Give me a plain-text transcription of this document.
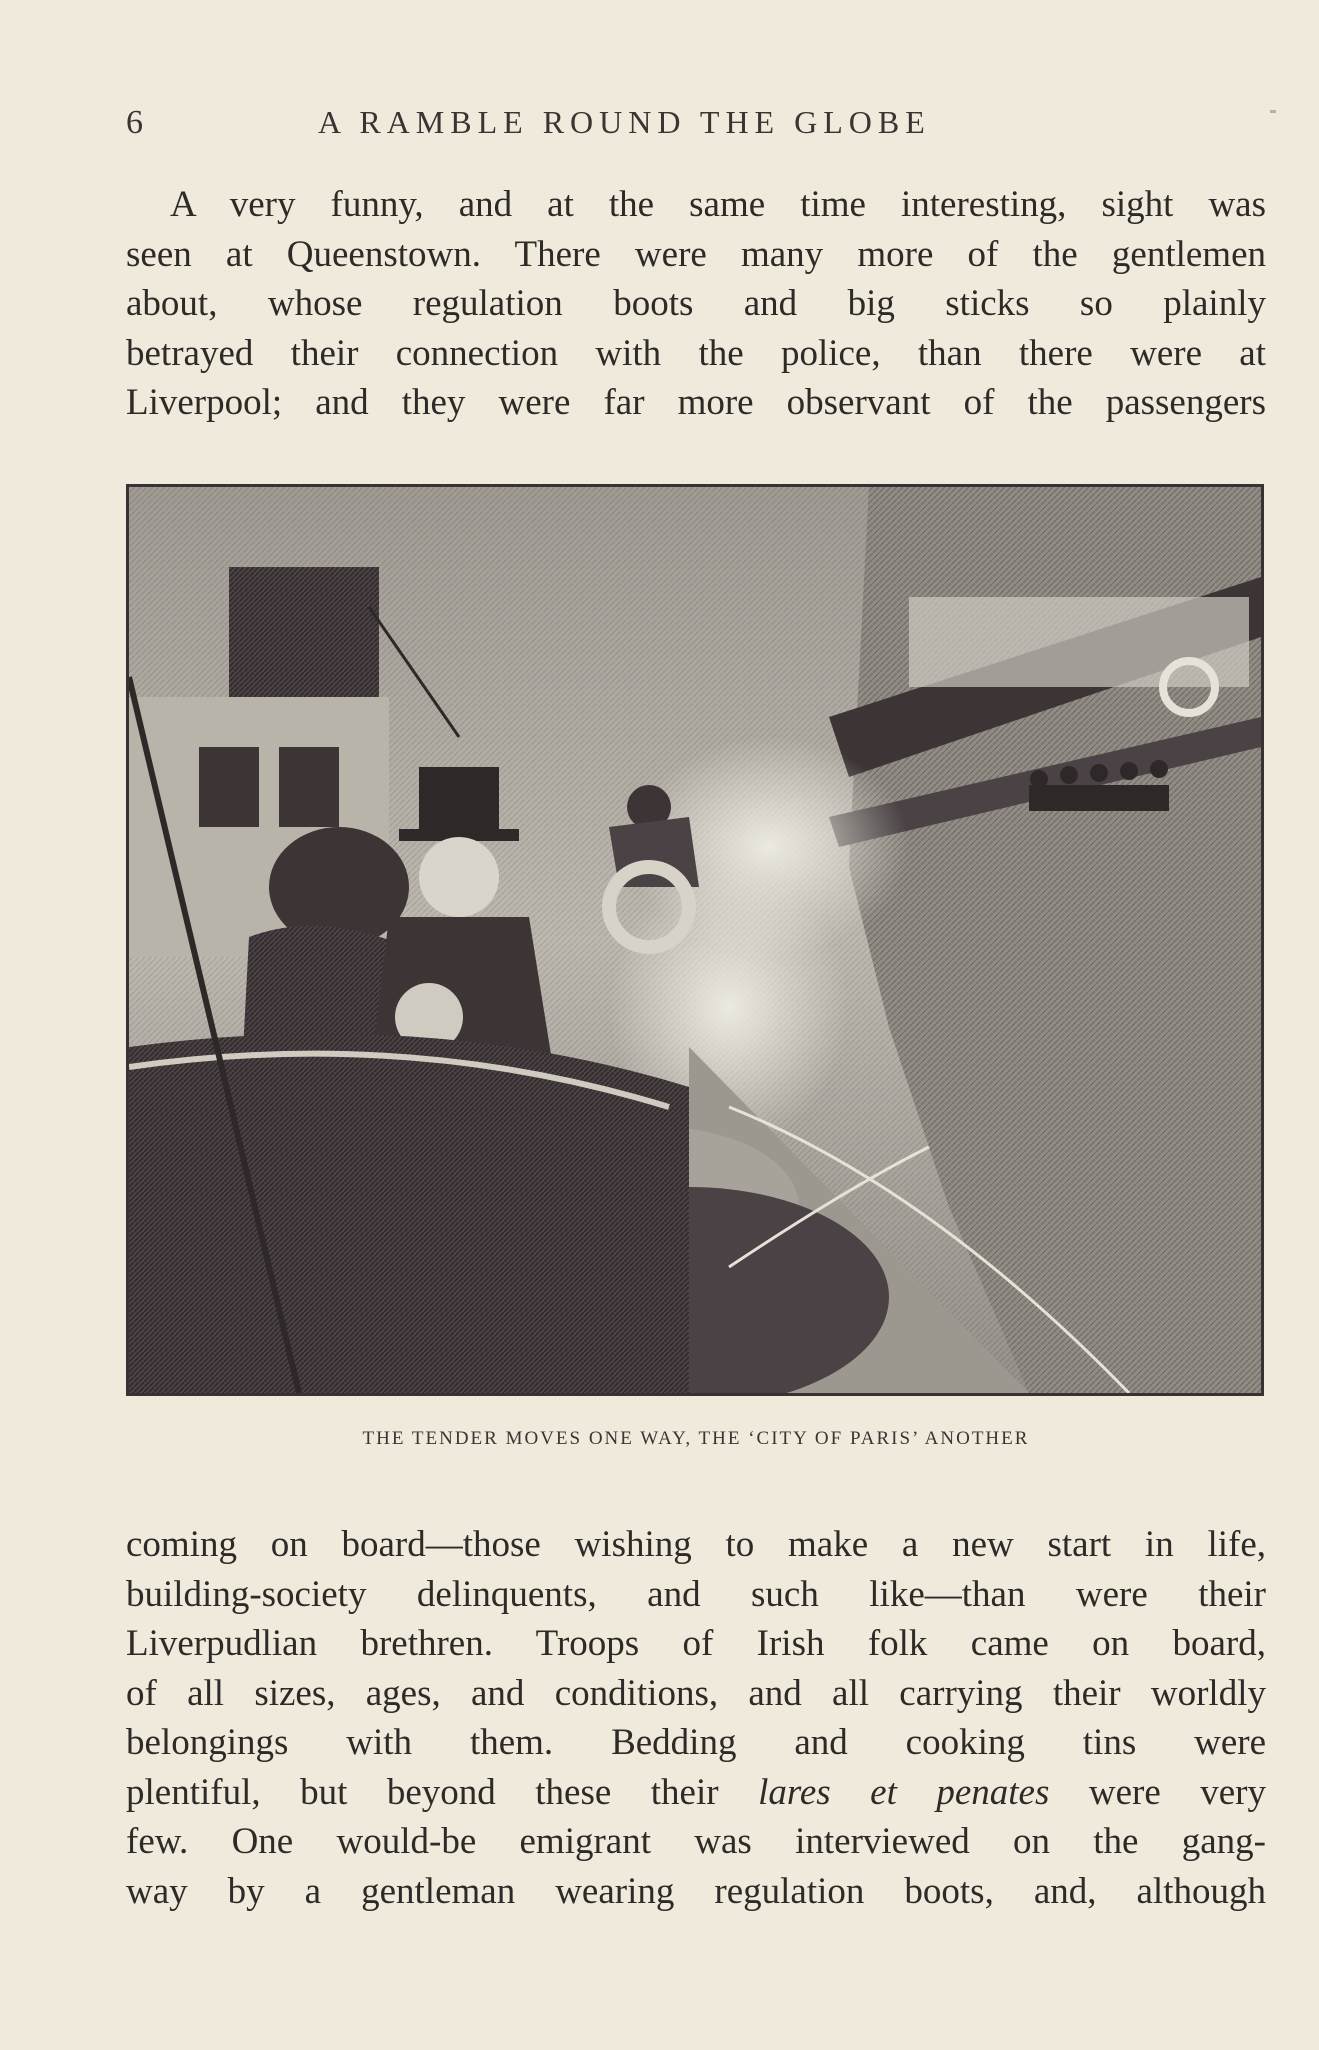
6	A RAMBLE ROUND THE GLOBE
A very funny, and at the same time interesting, sight was
seen at Queenstown. There were many more of the gentlemen
about, whose regulation boots and big sticks so plainly
betrayed their connection with the police, than there were at
Liverpool; and they were far more observant of the passengers
THE TENDER MOVES ONE WAY, THE ‘CITY OF PARIS’ ANOTHER
coming on board—those wishing to make a new start in life,
building-society delinquents, and such like—than were their
Liverpudlian brethren. Troops of Irish folk came on board,
of all sizes, ages, and conditions, and all carrying their worldly
belongings with them. Bedding and cooking tins were
plentiful, but beyond these their lares et penates were very
few. One would-be emigrant was interviewed on the gang-
way by a gentleman wearing regulation boots, and, although
